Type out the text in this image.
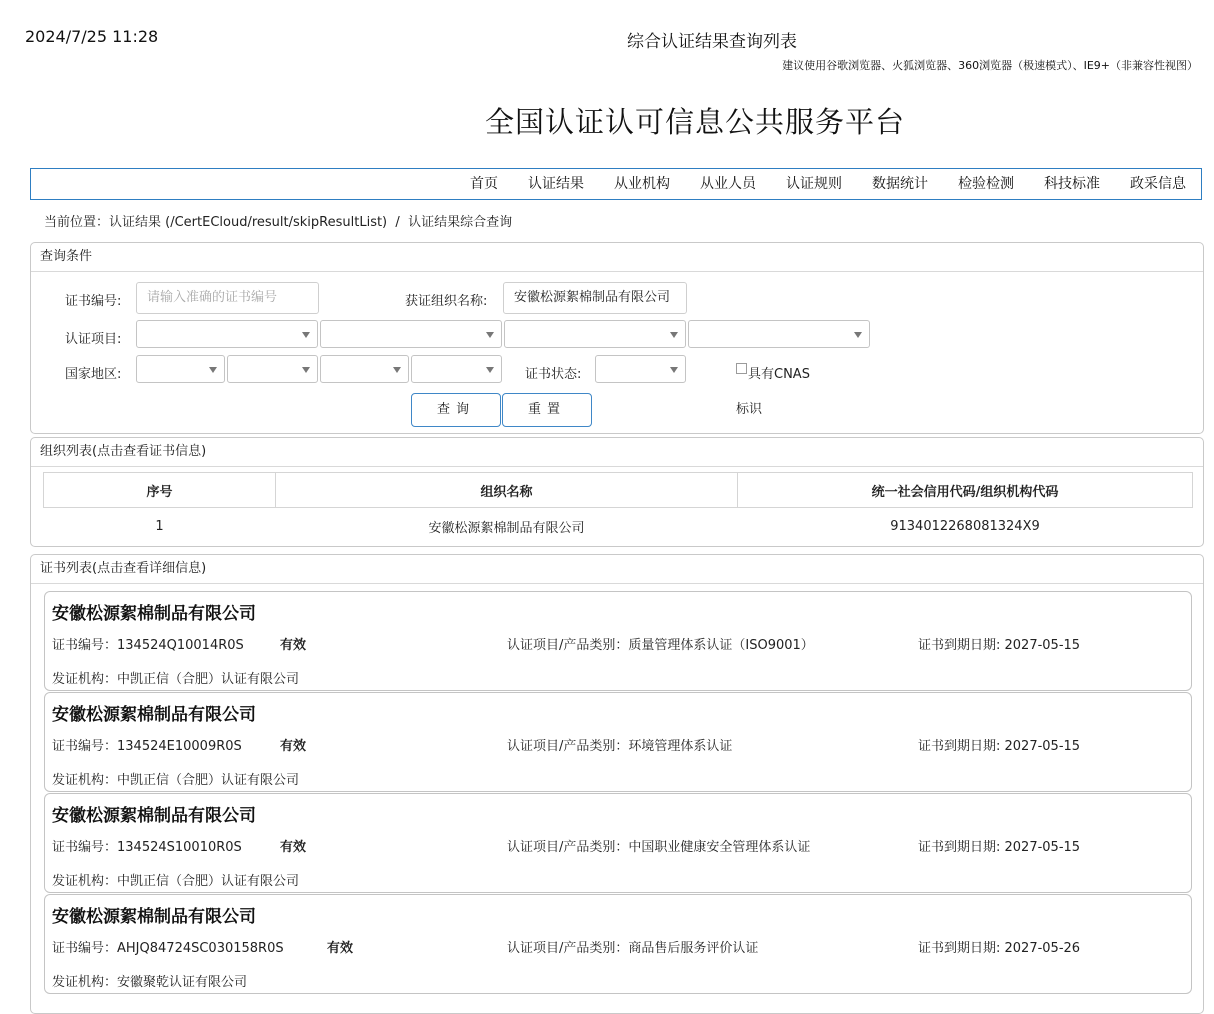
2024/7/25 11:28	综合认证结果查询列表
建议使用谷歌浏览器、火狐浏览器、360浏览器（极速模式）、IE9+（非兼容性视图）
全国认证认可信息公共服务平台
首页	认证结果	从业机构	从业人员	认证规则	数据统计	检验检测	科技标准	政采信息
当前位置：认证结果 (/CertECloud/result/skipResultList) / 认证结果综合查询
查询条件
证书编号:	请输入准确的证书编号	获证组织名称:	安徽松源絮棉制品有限公司
认证项目:
国家地区:	证书状态:	具有CNAS
标识
查询	重置
组织列表(点击查看证书信息)
序号	组织名称	统一社会信用代码/组织机构代码
1	安徽松源絮棉制品有限公司	9134012268081324X9
证书列表(点击查看详细信息)
安徽松源絮棉制品有限公司
证书编号：134524Q10014R0S	有效	认证项目/产品类别：质量管理体系认证（ISO9001）	证书到期日期: 2027-05-15
发证机构：中凯正信（合肥）认证有限公司
安徽松源絮棉制品有限公司
证书编号：134524E10009R0S	有效	认证项目/产品类别：环境管理体系认证	证书到期日期: 2027-05-15
发证机构：中凯正信（合肥）认证有限公司
安徽松源絮棉制品有限公司
证书编号：134524S10010R0S	有效	认证项目/产品类别：中国职业健康安全管理体系认证	证书到期日期: 2027-05-15
发证机构：中凯正信（合肥）认证有限公司
安徽松源絮棉制品有限公司
证书编号：AHJQ84724SC030158R0S	有效	认证项目/产品类别：商品售后服务评价认证	证书到期日期: 2027-05-26
发证机构：安徽聚乾认证有限公司
